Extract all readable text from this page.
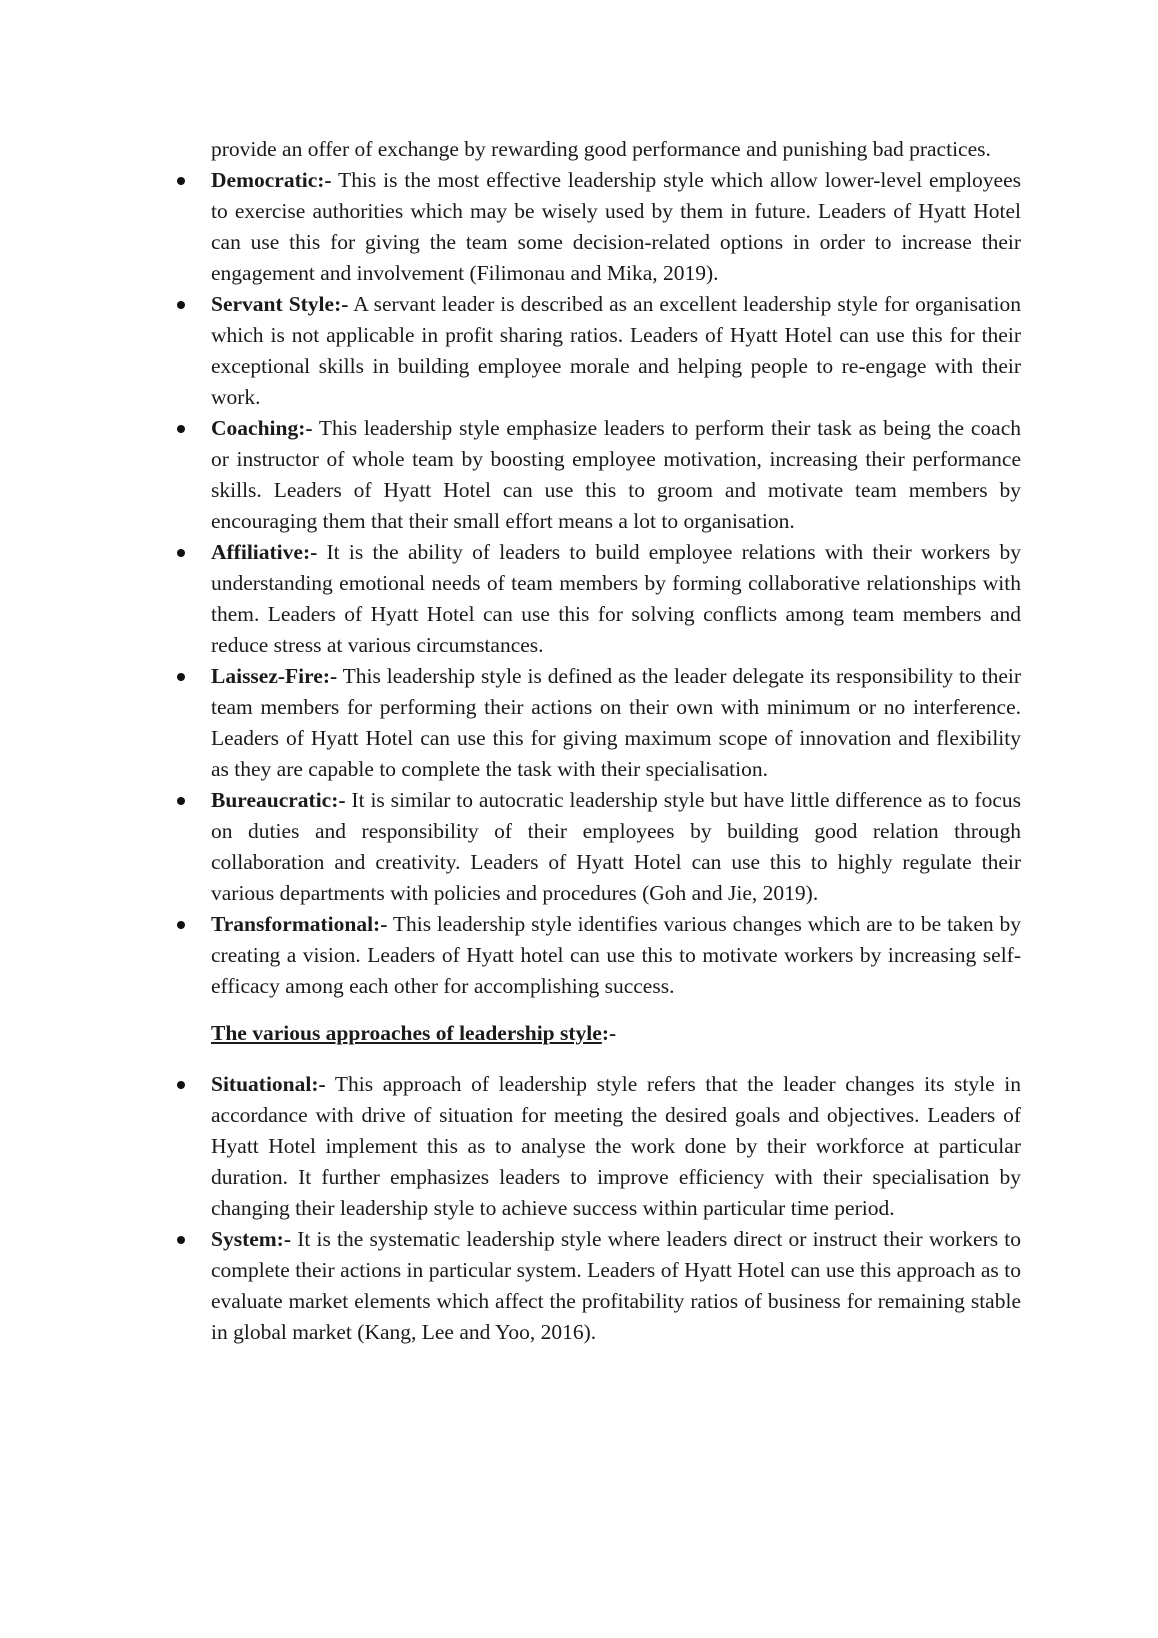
provide an offer of exchange by rewarding good performance and punishing bad practices.

Democratic:- This is the most effective leadership style which allow lower-level employees to exercise authorities which may be wisely used by them in future. Leaders of Hyatt Hotel can use this for giving the team some decision-related options in order to increase their engagement and involvement (Filimonau and Mika, 2019).
Servant Style:- A servant leader is described as an excellent leadership style for organisation which is not applicable in profit sharing ratios. Leaders of Hyatt Hotel can use this for their exceptional skills in building employee morale and helping people to re-engage with their work.
Coaching:- This leadership style emphasize leaders to perform their task as being the coach or instructor of whole team by boosting employee motivation, increasing their performance skills. Leaders of Hyatt Hotel can use this to groom and motivate team members by encouraging them that their small effort means a lot to organisation.
Affiliative:- It is the ability of leaders to build employee relations with their workers by understanding emotional needs of team members by forming collaborative relationships with them. Leaders of Hyatt Hotel can use this for solving conflicts among team members and reduce stress at various circumstances.
Laissez-Fire:- This leadership style is defined as the leader delegate its responsibility to their team members for performing their actions on their own with minimum or no interference. Leaders of Hyatt Hotel can use this for giving maximum scope of innovation and flexibility as they are capable to complete the task with their specialisation.
Bureaucratic:- It is similar to autocratic leadership style but have little difference as to focus on duties and responsibility of their employees by building good relation through collaboration and creativity. Leaders of Hyatt Hotel can use this to highly regulate their various departments with policies and procedures (Goh and Jie, 2019).
Transformational:- This leadership style identifies various changes which are to be taken by creating a vision. Leaders of Hyatt hotel can use this to motivate workers by increasing self-efficacy among each other for accomplishing success.

The various approaches of leadership style:-

Situational:- This approach of leadership style refers that the leader changes its style in accordance with drive of situation for meeting the desired goals and objectives. Leaders of Hyatt Hotel implement this as to analyse the work done by their workforce at particular duration. It further emphasizes leaders to improve efficiency with their specialisation by changing their leadership style to achieve success within particular time period.
System:- It is the systematic leadership style where leaders direct or instruct their workers to complete their actions in particular system. Leaders of Hyatt Hotel can use this approach as to evaluate market elements which affect the profitability ratios of business for remaining stable in global market (Kang, Lee and Yoo, 2016).
